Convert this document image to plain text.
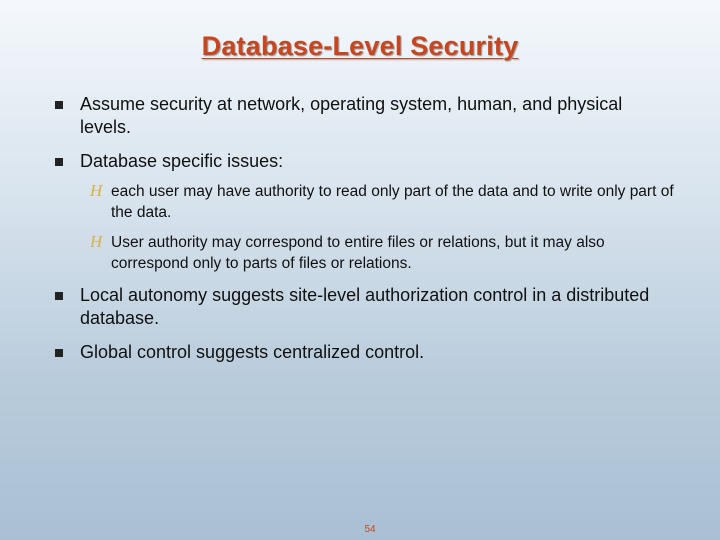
Database-Level Security
Assume security at network, operating system, human, and physical levels.
Database specific issues:
H each user may have authority to read only part of the data and to write only part of the data.
H User authority may correspond to entire files or relations, but it may also correspond only to parts of files or relations.
Local autonomy suggests site-level authorization control in a distributed database.
Global control suggests centralized control.
54
